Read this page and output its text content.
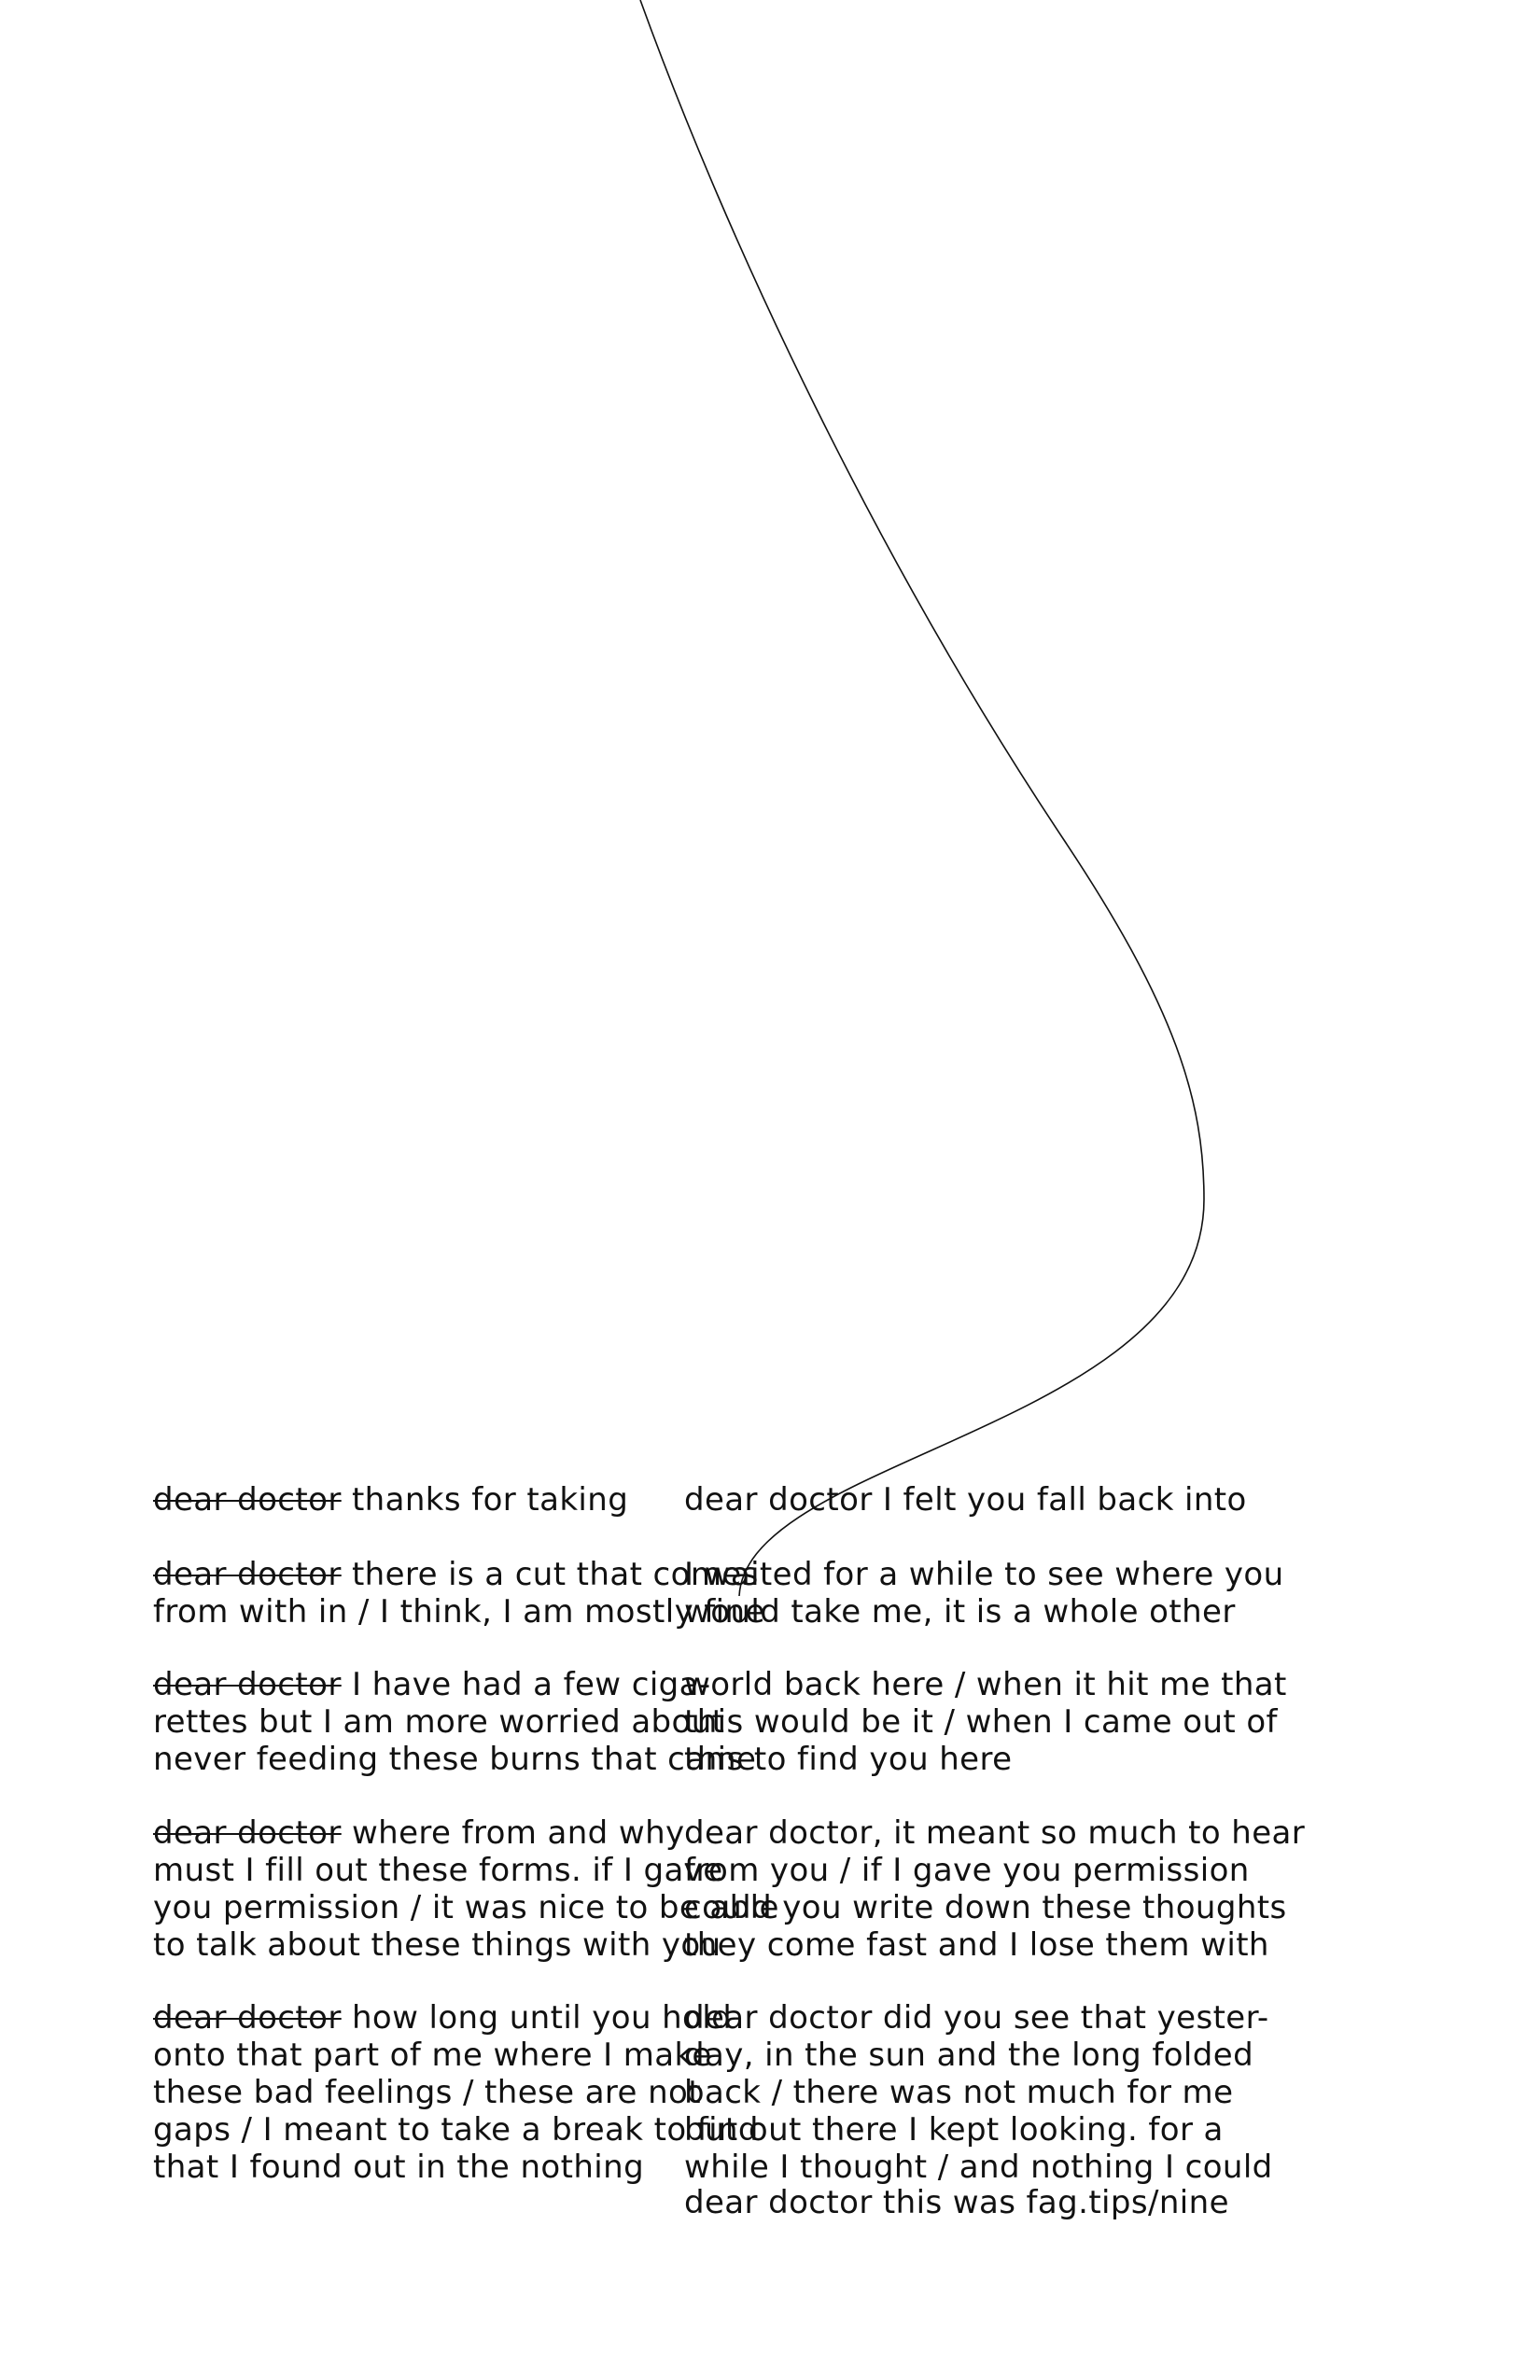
dear doctor thanks for taking
dear doctor there is a cut that comes
from with in / I think, I am mostly fine
dear doctor I have had a few ciga-
rettes but I am more worried about
never feeding these burns that came
dear doctor where from and why
must I fill out these forms. if I gave
you permission / it was nice to be able
to talk about these things with you
dear doctor how long until you hold
onto that part of me where I make
these bad feelings / these are not
gaps / I meant to take a break to find
that I found out in the nothing
dear doctor I felt you fall back into
I waited for a while to see where you
would take me, it is a whole other
world back here / when it hit me that
this would be it / when I came out of
this to find you here
dear doctor, it meant so much to hear
from you / if I gave you permission
could you write down these thoughts
they come fast and I lose them with
dear doctor did you see that yester-
day, in the sun and the long folded
back / there was not much for me
but out there I kept looking. for a
while I thought / and nothing I could
dear doctor this was fag.tips/nine
